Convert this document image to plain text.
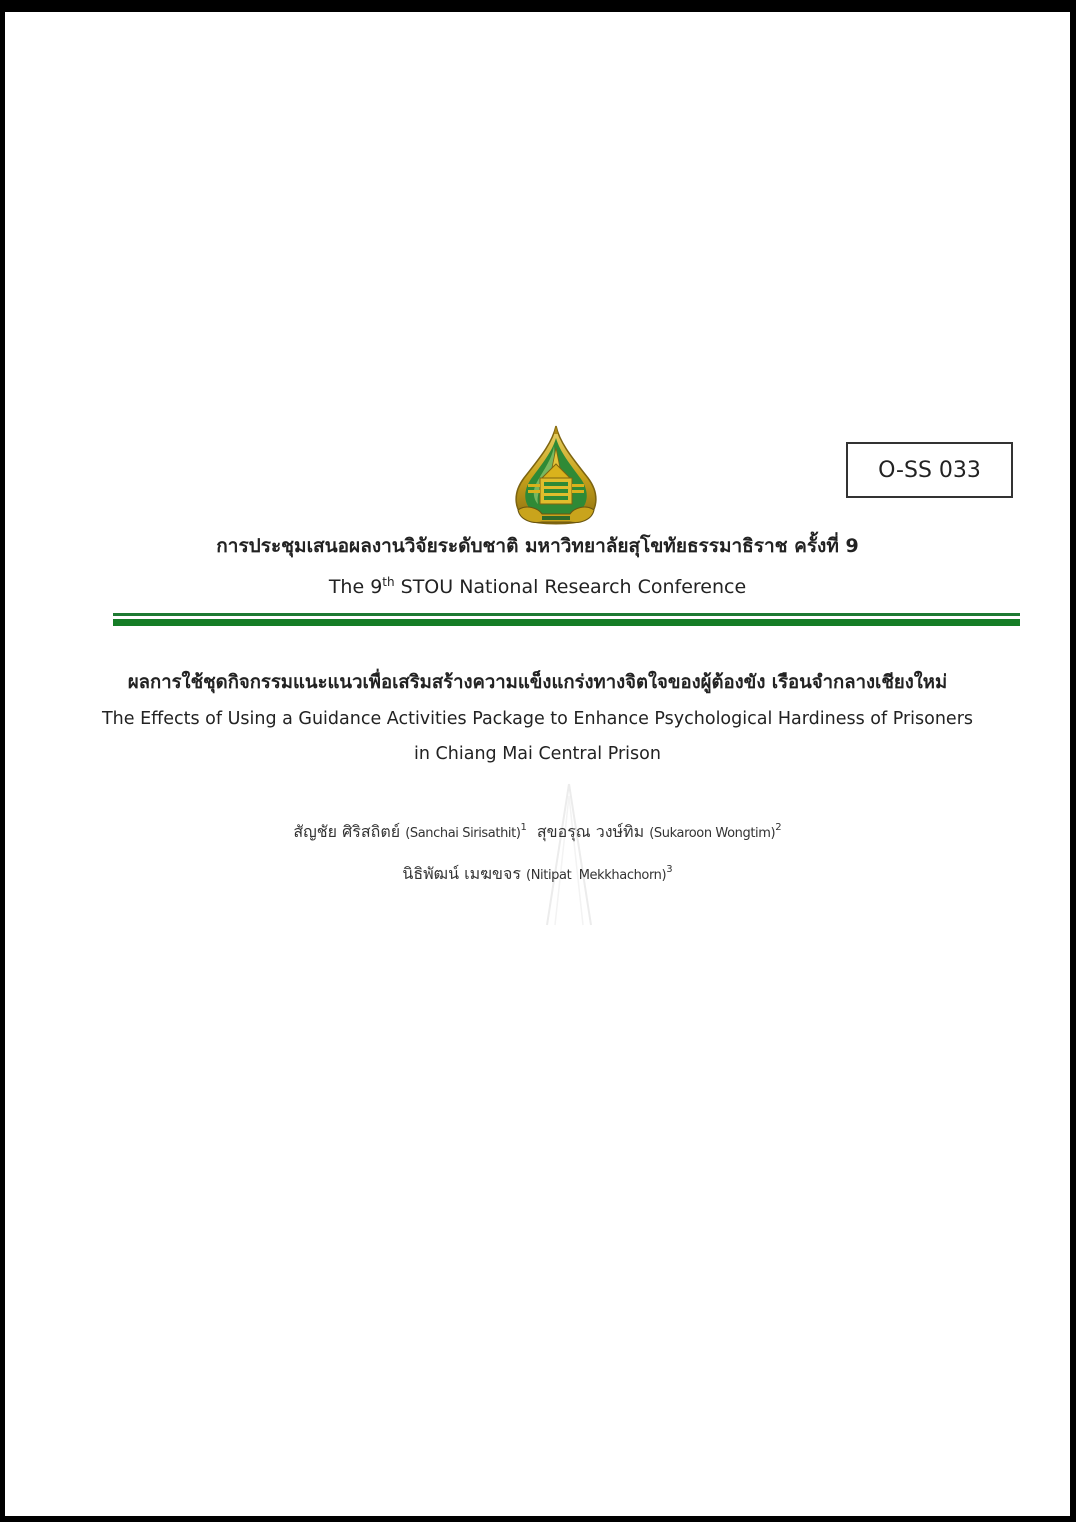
O-SS 033
การประชุมเสนอผลงานวิจัยระดับชาติ มหาวิทยาลัยสุโขทัยธรรมาธิราช ครั้งที่ 9
The 9th STOU National Research Conference
ผลการใช้ชุดกิจกรรมแนะแนวเพื่อเสริมสร้างความแข็งแกร่งทางจิตใจของผู้ต้องขัง เรือนจำกลางเชียงใหม่
The Effects of Using a Guidance Activities Package to Enhance Psychological Hardiness of Prisoners
in Chiang Mai Central Prison
สัญชัย ศิริสถิตย์ (Sanchai Sirisathit)$^1$ สุขอรุณ วงษ์ทิม (Sukaroon Wongtim)$^2$
นิธิพัฒน์ เมฆขจร (Nitipat  Mekkhachorn)$^3$
